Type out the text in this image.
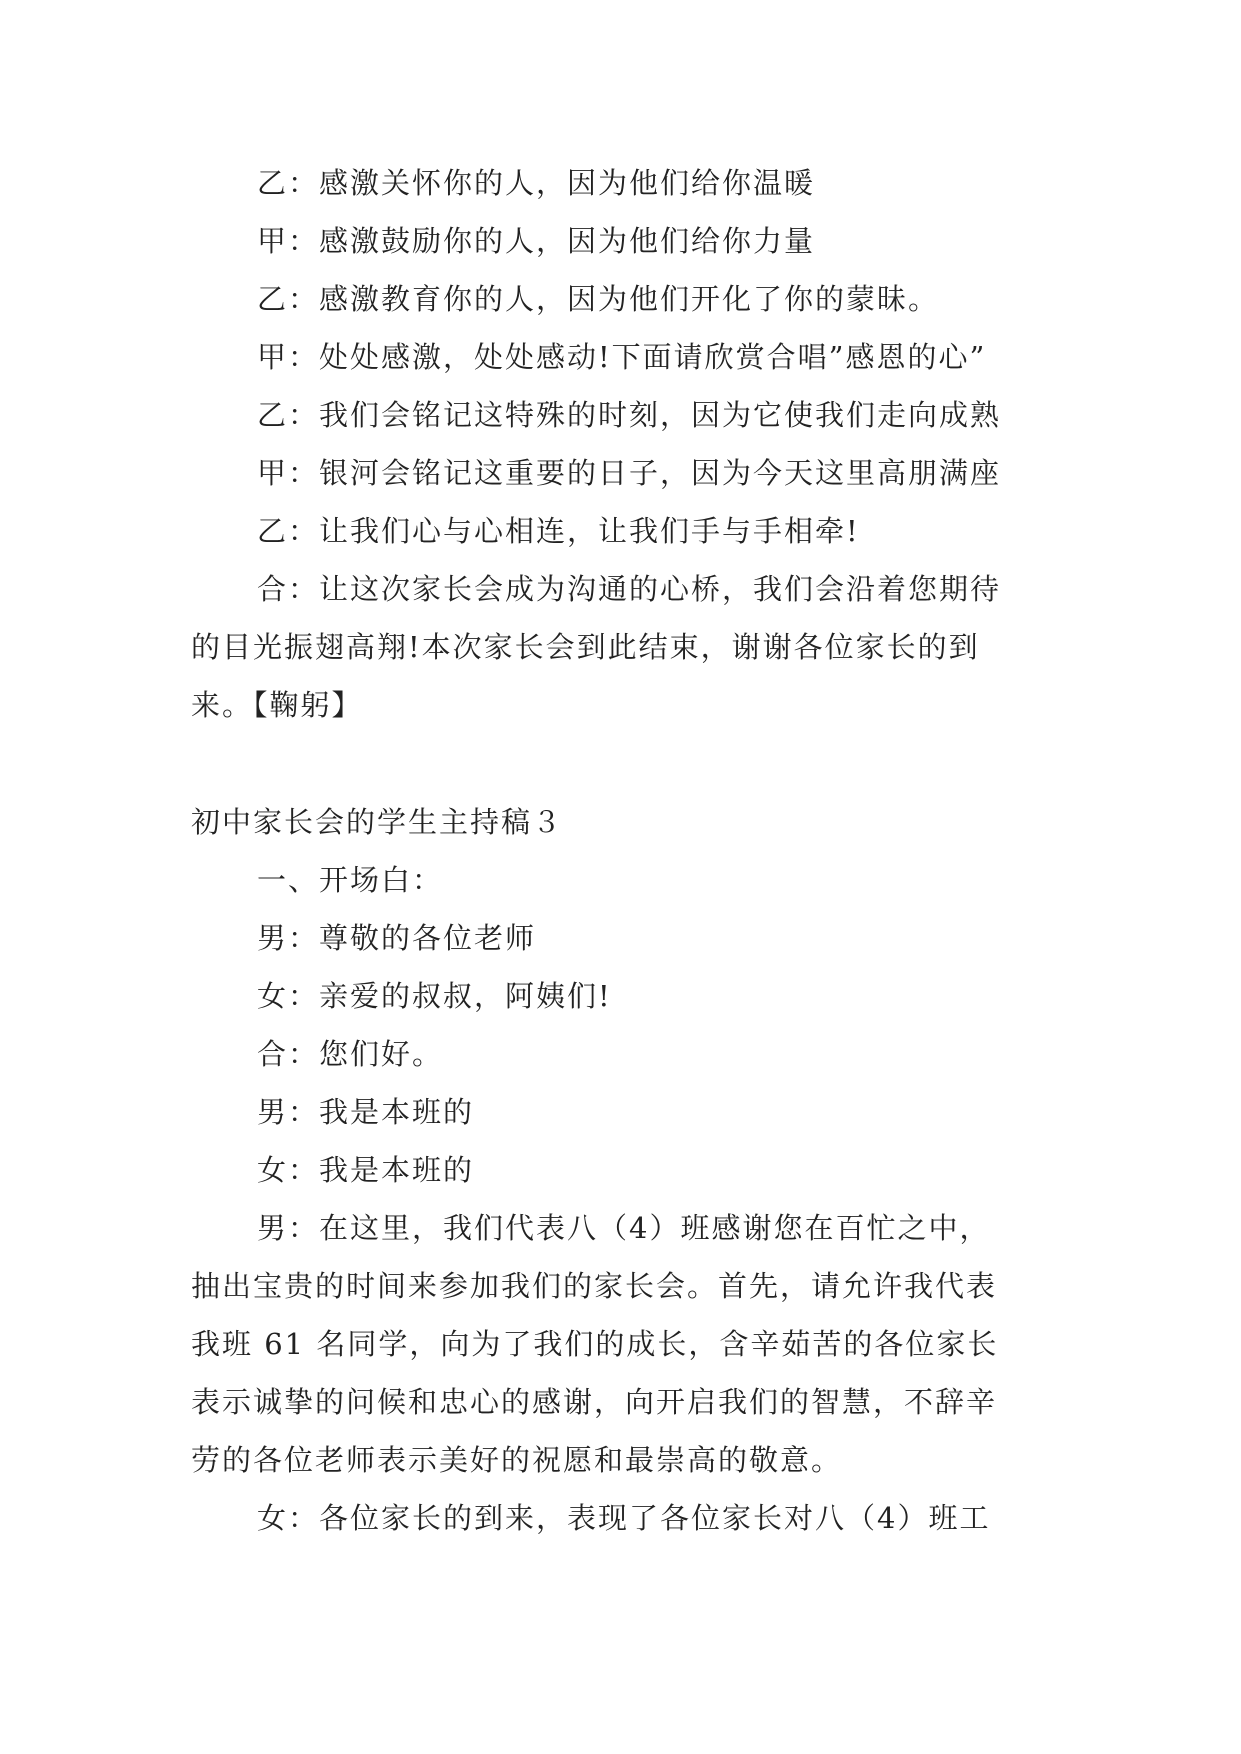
乙：感激关怀你的人，因为他们给你温暖
甲：感激鼓励你的人，因为他们给你力量
乙：感激教育你的人，因为他们开化了你的蒙昧。
甲：处处感激，处处感动!下面请欣赏合唱”感恩的心”
乙：我们会铭记这特殊的时刻，因为它使我们走向成熟
甲：银河会铭记这重要的日子，因为今天这里高朋满座
乙：让我们心与心相连，让我们手与手相牵!
合：让这次家长会成为沟通的心桥，我们会沿着您期待
的目光振翅高翔!本次家长会到此结束，谢谢各位家长的到
来。【鞠躬】
初中家长会的学生主持稿３
一、开场白：
男：尊敬的各位老师
女：亲爱的叔叔，阿姨们!
合：您们好。
男：我是本班的
女：我是本班的
男：在这里，我们代表八（4）班感谢您在百忙之中，
抽出宝贵的时间来参加我们的家长会。首先，请允许我代表
我班 61 名同学，向为了我们的成长，含辛茹苦的各位家长
表示诚挚的问候和忠心的感谢，向开启我们的智慧，不辞辛
劳的各位老师表示美好的祝愿和最崇高的敬意。
女：各位家长的到来，表现了各位家长对八（4）班工
